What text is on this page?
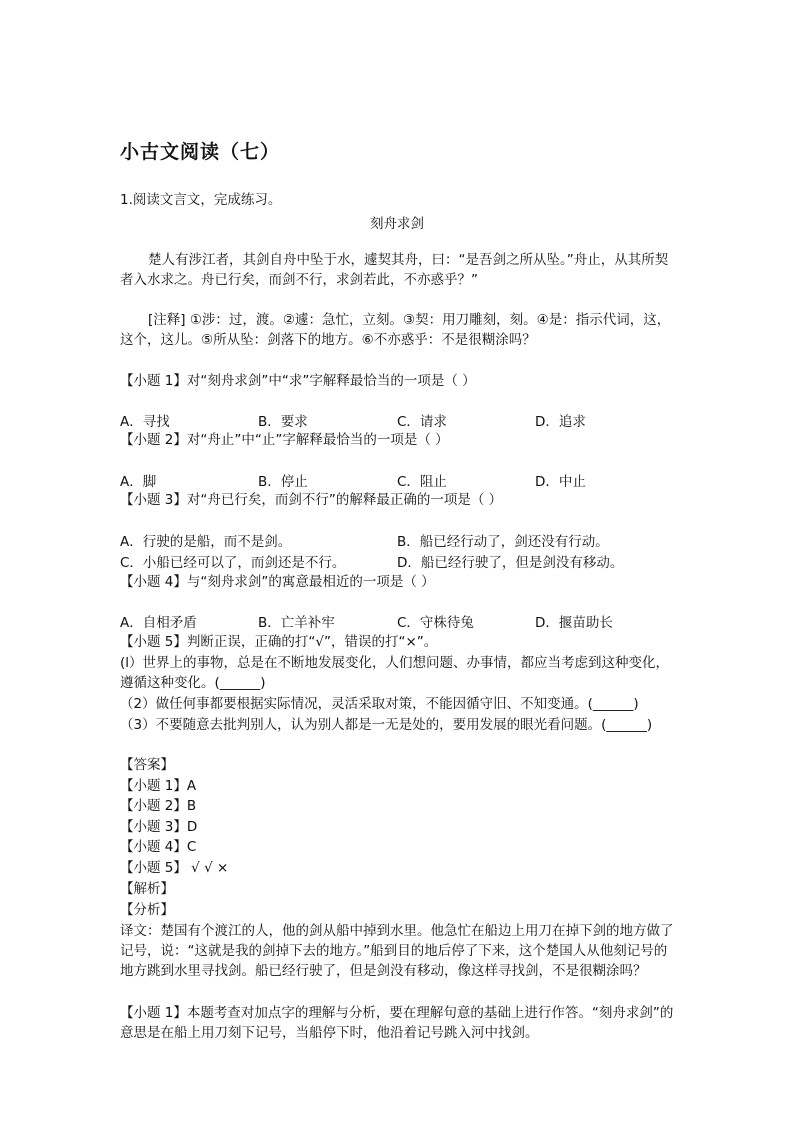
小古文阅读（七）
1.阅读文言文，完成练习。
刻舟求剑
楚人有涉江者，其剑自舟中坠于水，遽契其舟，曰：“是吾剑之所从坠。”舟止，从其所契者入水求之。舟已行矣，而剑不行，求剑若此，不亦惑乎？”
[注释] ①涉：过，渡。②遽：急忙，立刻。③契：用刀雕刻，刻。④是：指示代词，这，这个，这儿。⑤所从坠：剑落下的地方。⑥不亦惑乎：不是很糊涂吗？
【小题 1】对“刻舟求剑”中“求”字解释最恰当的一项是（ ）
A．寻找	B．要求	C．请求	D．追求
【小题 2】对“舟止”中“止”字解释最恰当的一项是（ ）
A．脚	B．停止	C．阻止	D．中止
【小题 3】对“舟已行矣，而剑不行”的解释最正确的一项是（ ）
A．行驶的是船，而不是剑。	B．船已经行动了，剑还没有行动。
C．小船已经可以了，而剑还是不行。	D．船已经行驶了，但是剑没有移动。
【小题 4】与“刻舟求剑”的寓意最相近的一项是（ ）
A．自相矛盾	B．亡羊补牢	C．守株待兔	D．揠苗助长
【小题 5】判断正误，正确的打“√”，错误的打“×”。
(l）世界上的事物，总是在不断地发展变化，人们想问题、办事情，都应当考虑到这种变化，遵循这种变化。(______)
（2）做任何事都要根据实际情况，灵活采取对策，不能因循守旧、不知变通。(______)
（3）不要随意去批判别人，认为别人都是一无是处的，要用发展的眼光看问题。(______)
【答案】
【小题 1】A
【小题 2】B
【小题 3】D
【小题 4】C
【小题 5】 √ √ ×
【解析】
【分析】
译文：楚国有个渡江的人，他的剑从船中掉到水里。他急忙在船边上用刀在掉下剑的地方做了记号，说：“这就是我的剑掉下去的地方。”船到目的地后停了下来，这个楚国人从他刻记号的地方跳到水里寻找剑。船已经行驶了，但是剑没有移动，像这样寻找剑，不是很糊涂吗？
【小题 1】本题考查对加点字的理解与分析，要在理解句意的基础上进行作答。“刻舟求剑”的意思是在船上用刀刻下记号，当船停下时，他沿着记号跳入河中找剑。
